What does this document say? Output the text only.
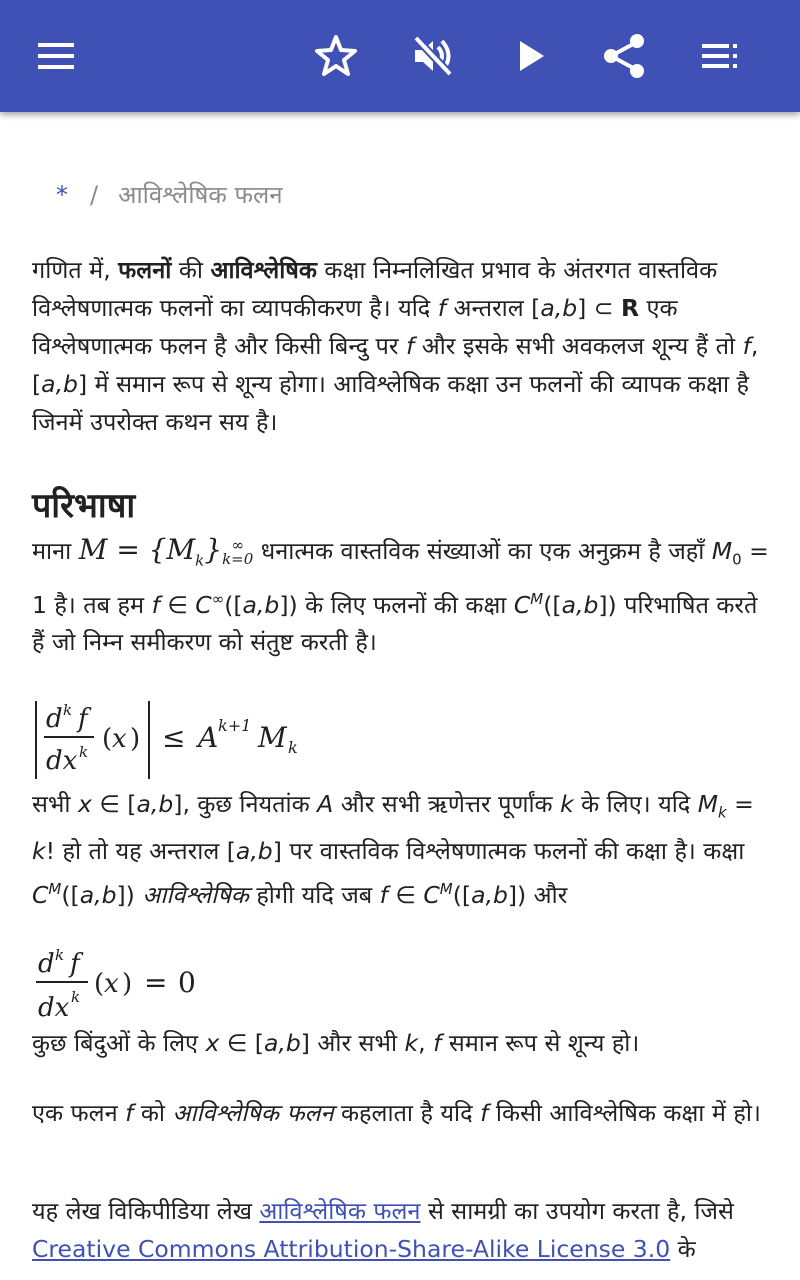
* / आविश्लेषिक फलन

गणित में, फलनों की आविश्लेषिक कक्षा निम्नलिखित प्रभाव के अंतरगत वास्तविक विश्लेषणात्मक फलनों का व्यापकीकरण है। यदि f अन्तराल [a,b] ⊂ R एक विश्लेषणात्मक फलन है और किसी बिन्दु पर f और इसके सभी अवकलज शून्य हैं तो f, [a,b] में समान रूप से शून्य होगा। आविश्लेषिक कक्षा उन फलनों की व्यापक कक्षा है जिनमें उपरोक्त कथन सय है।

परिभाषा

माना $M = \{M_k\}$ ∞
k=0 धनात्मक वास्तविक संख्याओं का एक अनुक्रम है जहाँ $M_0 = 1$ है। तब हम f ∈ C∞([a,b]) के लिए फलनों की कक्षा $C^M([a,b])$ परिभाषित करते हैं जो निम्न समीकरण को संतुष्ट करती है।

d k f
dx k ( x ) ≤ A k+1 M k

सभी x ∈ [a,b], कुछ नियतांक A और सभी ऋणेत्तर पूर्णांक k के लिए। यदि $M_k = k$! हो तो यह अन्तराल [a,b] पर वास्तविक विश्लेषणात्मक फलनों की कक्षा है। कक्षा $C^M([a,b])$ आविश्लेषिक होगी यदि जब f ∈ $C^M([a,b])$ और

d k f
dx k ( x ) = 0

कुछ बिंदुओं के लिए x ∈ [a,b] और सभी k, f समान रूप से शून्य हो।

एक फलन f को आविश्लेषिक फलन कहलाता है यदि f किसी आविश्लेषिक कक्षा में हो।

यह लेख विकिपीडिया लेख आविश्लेषिक फलन से सामग्री का उपयोग करता है, जिसे Creative Commons Attribution-Share-Alike License 3.0 के
